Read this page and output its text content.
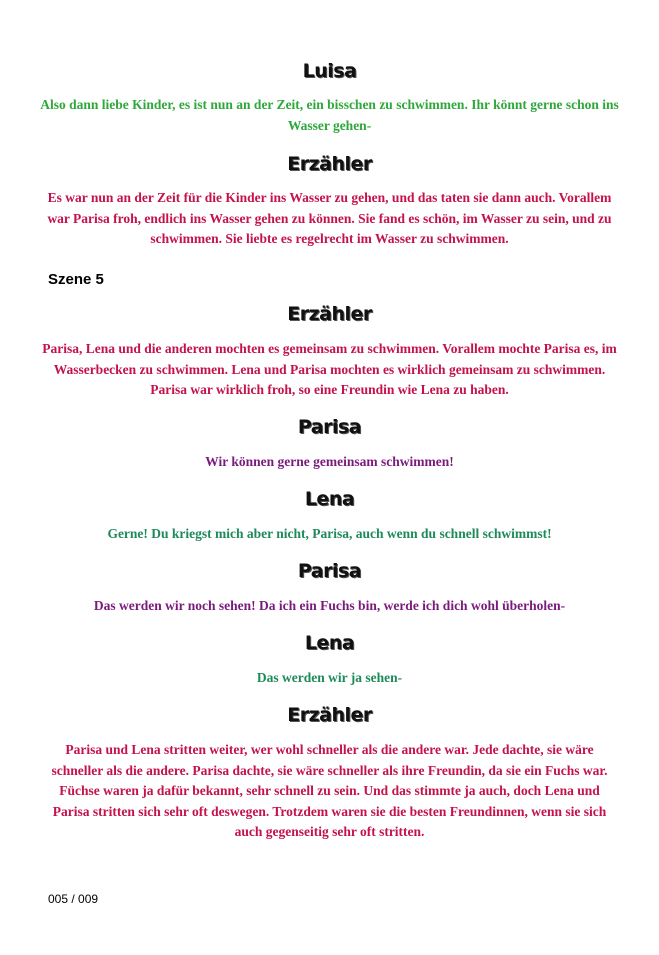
Luisa
Also dann liebe Kinder, es ist nun an der Zeit, ein bisschen zu schwimmen. Ihr könnt gerne schon ins Wasser gehen-
Erzähler
Es war nun an der Zeit für die Kinder ins Wasser zu gehen, und das taten sie dann auch. Vorallem war Parisa froh, endlich ins Wasser gehen zu können. Sie fand es schön, im Wasser zu sein, und zu schwimmen. Sie liebte es regelrecht im Wasser zu schwimmen.
Szene 5
Erzähler
Parisa, Lena und die anderen mochten es gemeinsam zu schwimmen. Vorallem mochte Parisa es, im Wasserbecken zu schwimmen. Lena und Parisa mochten es wirklich gemeinsam zu schwimmen. Parisa war wirklich froh, so eine Freundin wie Lena zu haben.
Parisa
Wir können gerne gemeinsam schwimmen!
Lena
Gerne! Du kriegst mich aber nicht, Parisa, auch wenn du schnell schwimmst!
Parisa
Das werden wir noch sehen! Da ich ein Fuchs bin, werde ich dich wohl überholen-
Lena
Das werden wir ja sehen-
Erzähler
Parisa und Lena stritten weiter, wer wohl schneller als die andere war. Jede dachte, sie wäre schneller als die andere. Parisa dachte, sie wäre schneller als ihre Freundin, da sie ein Fuchs war. Füchse waren ja dafür bekannt, sehr schnell zu sein. Und das stimmte ja auch, doch Lena und Parisa stritten sich sehr oft deswegen. Trotzdem waren sie die besten Freundinnen, wenn sie sich auch gegenseitig sehr oft stritten.
005 / 009
